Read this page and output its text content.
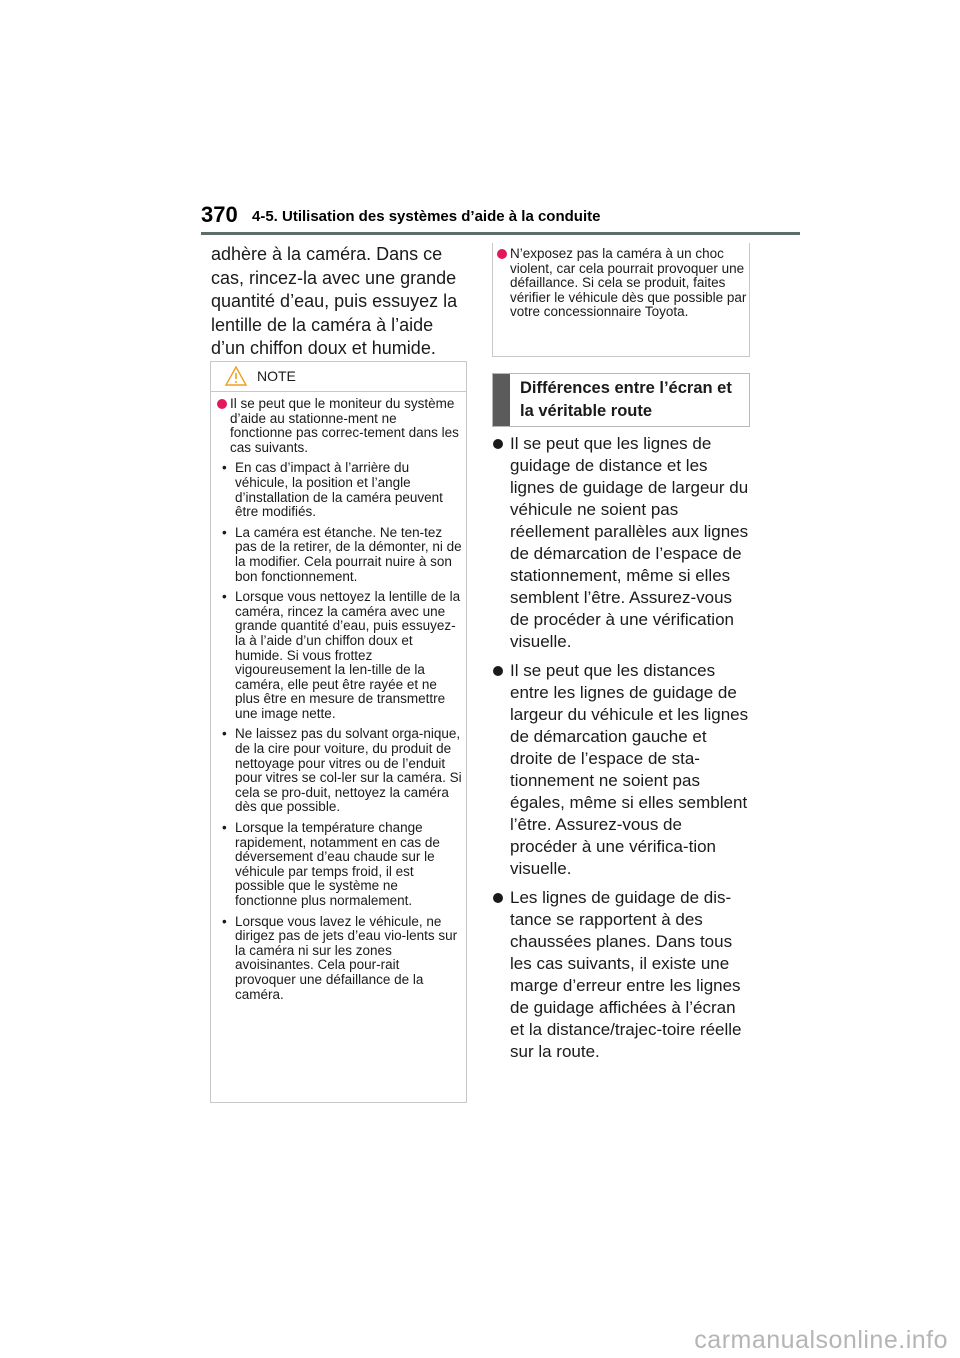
370 4-5. Utilisation des systèmes d’aide à la conduite
adhère à la caméra. Dans ce cas, rincez-la avec une grande quantité d’eau, puis essuyez la lentille de la caméra à l’aide d’un chiffon doux et humide.
NOTE
Il se peut que le moniteur du système d’aide au stationne-ment ne fonctionne pas correc-tement dans les cas suivants.
• En cas d’impact à l’arrière du véhicule, la position et l’angle d’installation de la caméra peuvent être modifiés.
• La caméra est étanche. Ne ten-tez pas de la retirer, de la démonter, ni de la modifier. Cela pourrait nuire à son bon fonctionnement.
• Lorsque vous nettoyez la lentille de la caméra, rincez la caméra avec une grande quantité d’eau, puis essuyez-la à l’aide d’un chiffon doux et humide. Si vous frottez vigoureusement la len-tille de la caméra, elle peut être rayée et ne plus être en mesure de transmettre une image nette.
• Ne laissez pas du solvant orga-nique, de la cire pour voiture, du produit de nettoyage pour vitres ou de l’enduit pour vitres se col-ler sur la caméra. Si cela se pro-duit, nettoyez la caméra dès que possible.
• Lorsque la température change rapidement, notamment en cas de déversement d’eau chaude sur le véhicule par temps froid, il est possible que le système ne fonctionne plus normalement.
• Lorsque vous lavez le véhicule, ne dirigez pas de jets d’eau vio-lents sur la caméra ni sur les zones avoisinantes. Cela pour-rait provoquer une défaillance de la caméra.
N’exposez pas la caméra à un choc violent, car cela pourrait provoquer une défaillance. Si cela se produit, faites vérifier le véhicule dès que possible par votre concessionnaire Toyota.
Différences entre l’écran et la véritable route
Il se peut que les lignes de guidage de distance et les lignes de guidage de largeur du véhicule ne soient pas réellement parallèles aux lignes de démarcation de l’espace de stationnement, même si elles semblent l’être. Assurez-vous de procéder à une vérification visuelle.
Il se peut que les distances entre les lignes de guidage de largeur du véhicule et les lignes de démarcation gauche et droite de l’espace de sta-tionnement ne soient pas égales, même si elles semblent l’être. Assurez-vous de procéder à une vérifica-tion visuelle.
Les lignes de guidage de dis-tance se rapportent à des chaussées planes. Dans tous les cas suivants, il existe une marge d’erreur entre les lignes de guidage affichées à l’écran et la distance/trajec-toire réelle sur la route.
carmanualsonline.info
